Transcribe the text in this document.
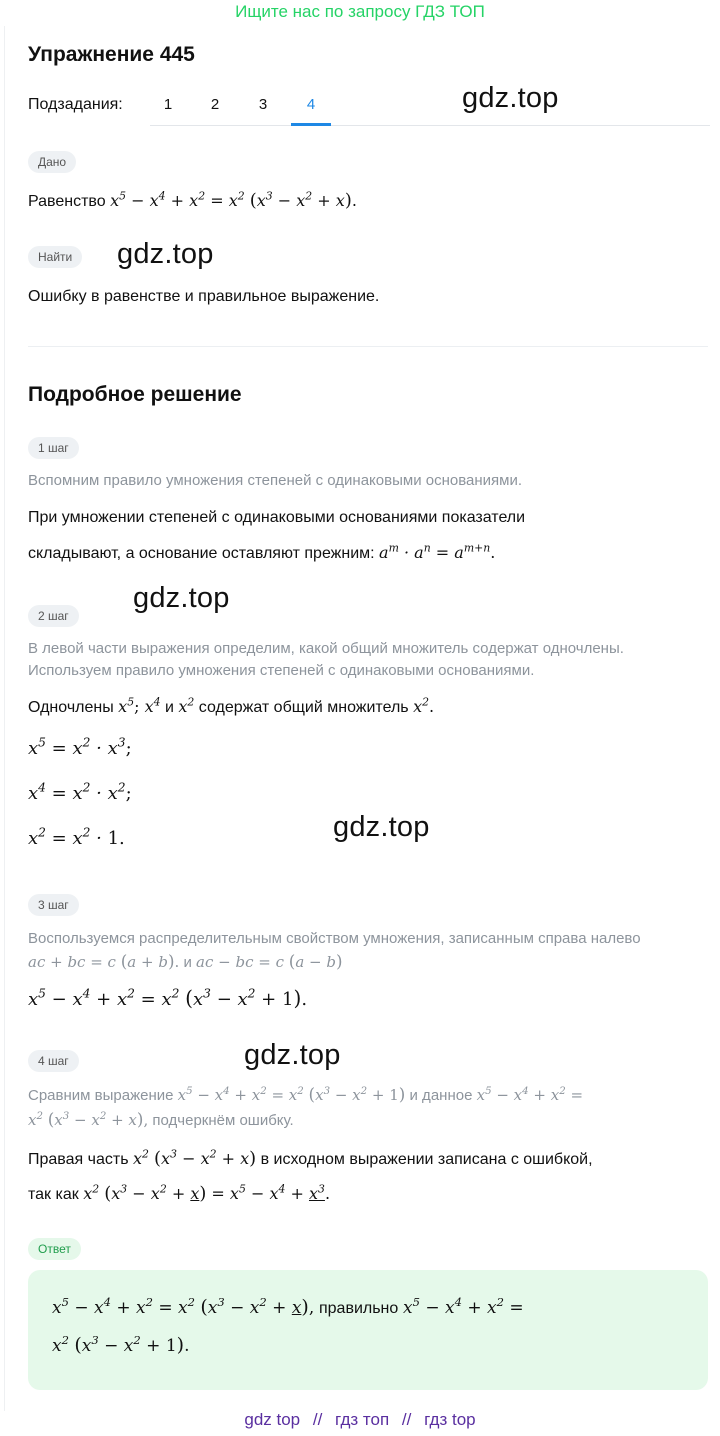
Ищите нас по запросу ГДЗ ТОП
Упражнение 445
Подзадания:	1	2	3	4	gdz.top
gdz.top
gdz.top
gdz.top
gdz.top
Дано
Равенство $x^5 - x^4 + x^2 = x^2$ $(x^3 - x^2 + x)$.
Найти
Ошибку в равенстве и правильное выражение.
Подробное решение
1 шаг
Вспомним правило умножения степеней с одинаковыми основаниями.
При умножении степеней с одинаковыми основаниями показатели
складывают, а основание оставляют прежним: $a^m \cdot a^n = a^{m+n}$.
2 шаг
В левой части выражения определим, какой общий множитель содержат одночлены.
Используем правило умножения степеней с одинаковыми основаниями.
Одночлены $x^5$; $x^4$ и $x^2$ содержат общий множитель $x^2$.
$x^5 = x^2 \cdot x^3$;
$x^4 = x^2 \cdot x^2$;
$x^2 = x^2 \cdot 1$.
3 шаг
Воспользуемся распределительным свойством умножения, записанным справа налево
ac + bc = c (a + b). и ac − bc = c (a − b)
$x^5 - x^4 + x^2 = x^2$ $(x^3 - x^2 + 1)$.
4 шаг
Сравним выражение $x^5 - x^4 + x^2 = x^2$ $(x^3 - x^2 + 1)$ и данное $x^5 - x^4 + x^2$ =
$x^2$ $(x^3 - x^2 + x)$, подчеркнём ошибку.
Правая часть $x^2$ $(x^3 - x^2 + x)$ в исходном выражении записана с ошибкой,
так как $x^2$ $(x^3 - x^2 + x) = x^5 - x^4 + x^3$.
Ответ
$x^5 - x^4 + x^2 = x^2$ $(x^3 - x^2 + x)$, правильно $x^5 - x^4 + x^2$ =
$x^2$ $(x^3 - x^2 + 1)$.
gdz top // гдз топ // гдз top
